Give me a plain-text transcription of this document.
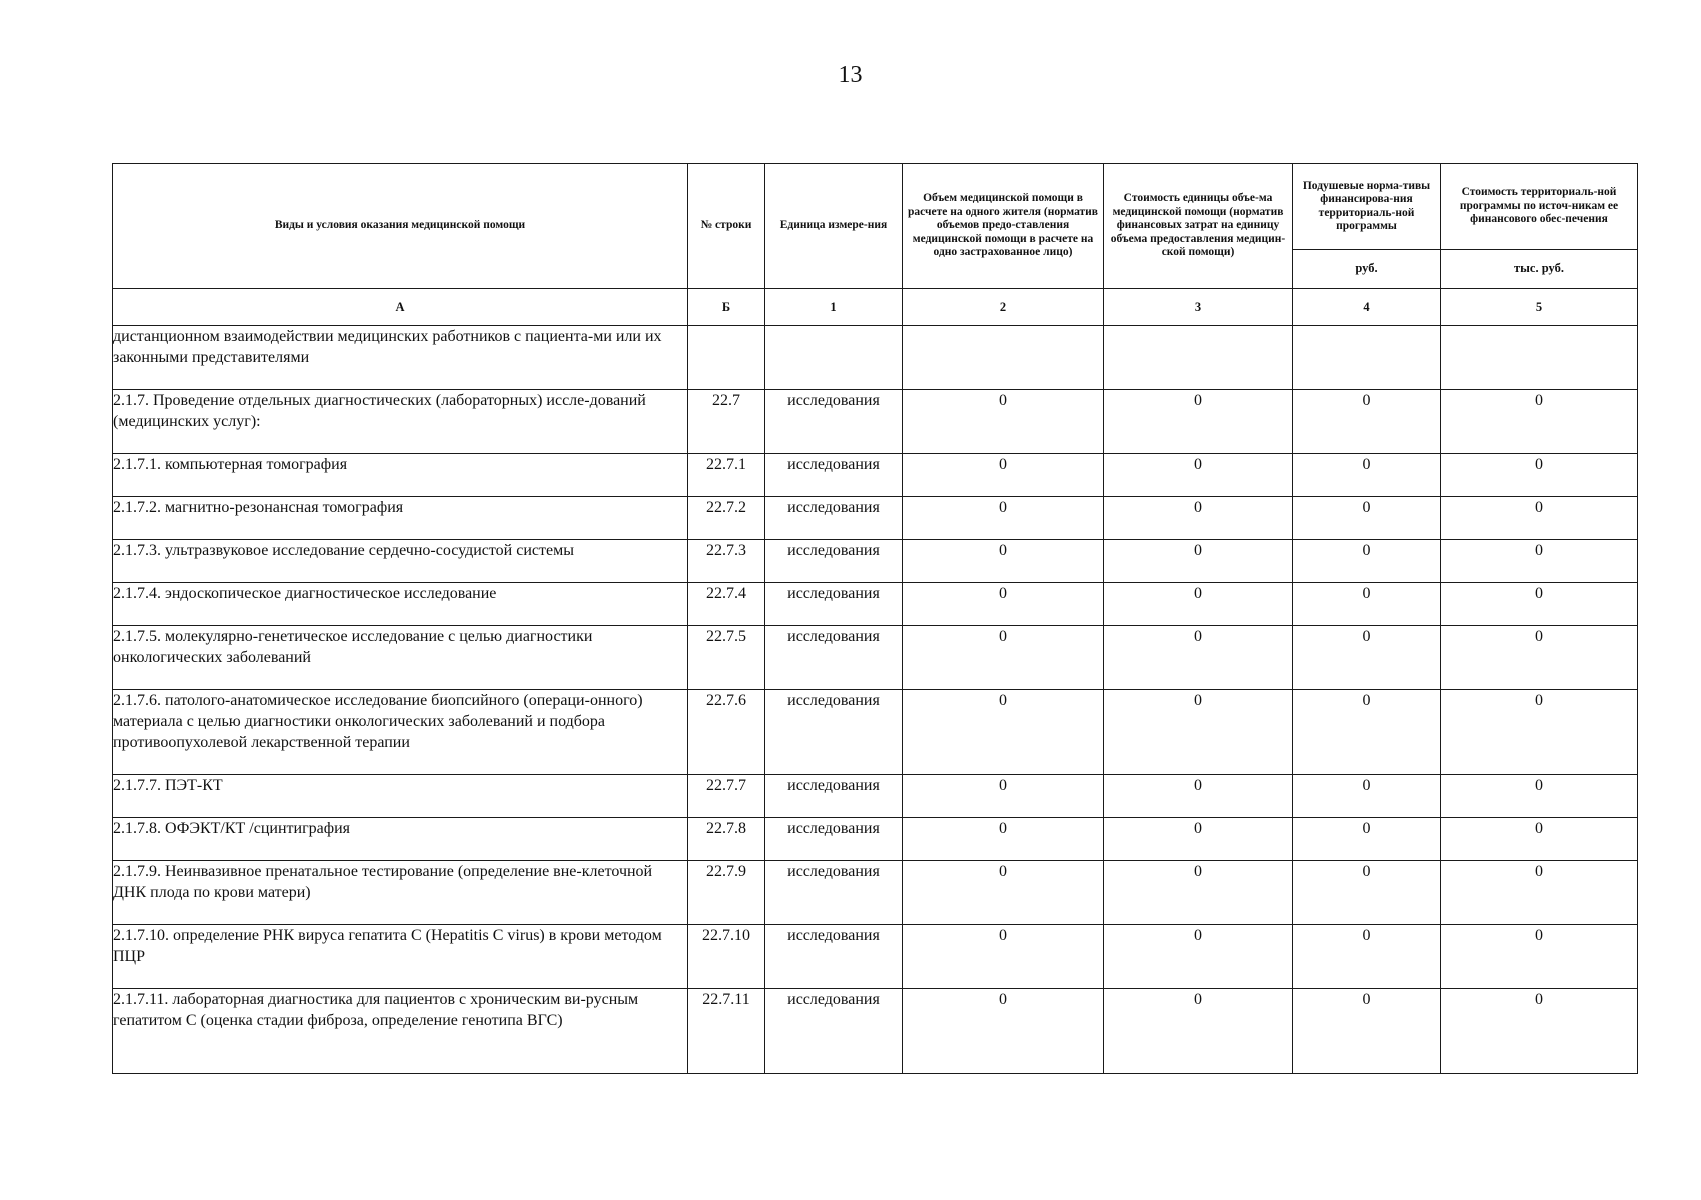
13
Виды и условия оказания медицинской помощи	№ строки	Единица измере-ния	Объем медицинской помощи в расчете на одного жителя (норматив объемов предо-ставления медицинской помощи в расчете на одно застрахованное лицо)	Стоимость единицы объе-ма медицинской помощи (норматив финансовых затрат на единицу объема предоставления медицин-ской помощи)	Подушевые норма-тивы финансирова-ния территориаль-ной программы	Стоимость территориаль-ной программы по источ-никам ее финансового обес-печения
					руб.	тыс. руб.
А	Б	1	2	3	4	5
дистанционном взаимодействии медицинских работников с пациента-ми или их законными представителями						
2.1.7. Проведение отдельных диагностических (лабораторных) иссле-дований (медицинских услуг):	22.7	исследования	0	0	0	0
2.1.7.1. компьютерная томография	22.7.1	исследования	0	0	0	0
2.1.7.2. магнитно-резонансная томография	22.7.2	исследования	0	0	0	0
2.1.7.3. ультразвуковое исследование сердечно-сосудистой системы	22.7.3	исследования	0	0	0	0
2.1.7.4. эндоскопическое диагностическое исследование	22.7.4	исследования	0	0	0	0
2.1.7.5. молекулярно-генетическое исследование с целью диагностики онкологических заболеваний	22.7.5	исследования	0	0	0	0
2.1.7.6. патолого-анатомическое исследование биопсийного (операци-онного) материала с целью диагностики онкологических заболеваний и подбора противоопухолевой лекарственной терапии	22.7.6	исследования	0	0	0	0
2.1.7.7. ПЭТ-КТ	22.7.7	исследования	0	0	0	0
2.1.7.8. ОФЭКТ/КТ /сцинтиграфия	22.7.8	исследования	0	0	0	0
2.1.7.9. Неинвазивное пренатальное тестирование (определение вне-клеточной ДНК плода по крови матери)	22.7.9	исследования	0	0	0	0
2.1.7.10. определение РНК вируса гепатита С (Hepatitis C virus) в крови методом ПЦР	22.7.10	исследования	0	0	0	0
2.1.7.11. лабораторная диагностика для пациентов с хроническим ви-русным гепатитом С (оценка стадии фиброза, определение генотипа ВГС)	22.7.11	исследования	0	0	0	0
